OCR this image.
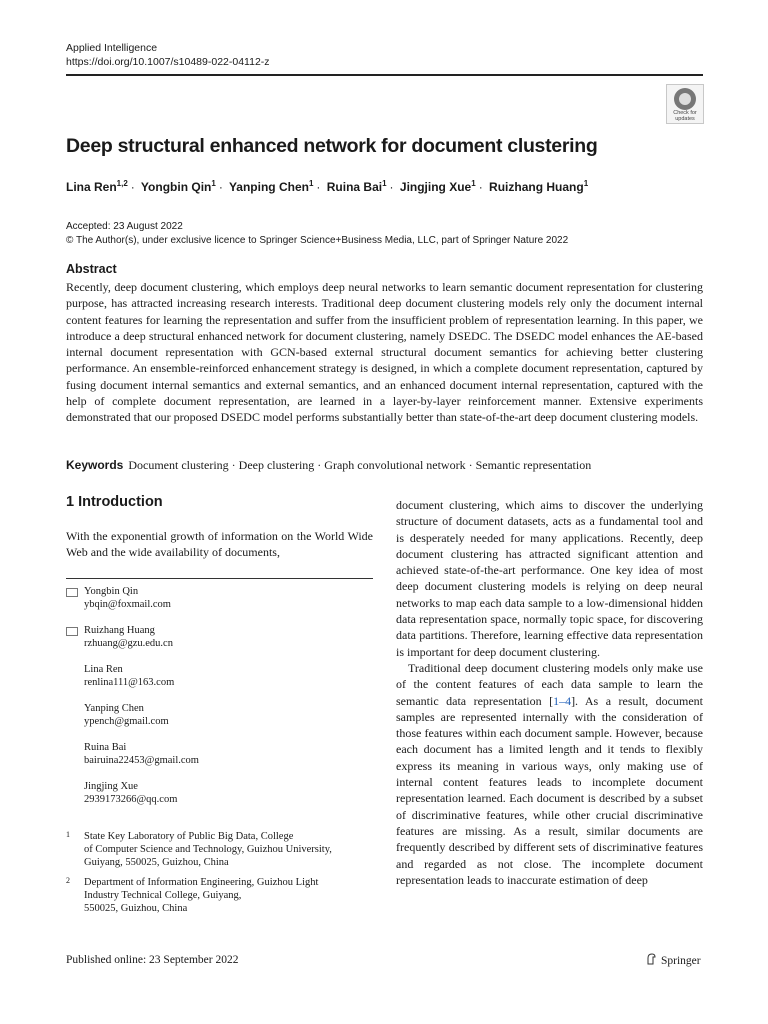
Applied Intelligence
https://doi.org/10.1007/s10489-022-04112-z
Check for
updates
Deep structural enhanced network for document clustering
Lina Ren$^{1,2}$ · Yongbin Qin$^1$ · Yanping Chen$^1$ · Ruina Bai$^1$ · Jingjing Xue$^1$ · Ruizhang Huang$^1$
Accepted: 23 August 2022
© The Author(s), under exclusive licence to Springer Science+Business Media, LLC, part of Springer Nature 2022
Abstract
Recently, deep document clustering, which employs deep neural networks to learn semantic document representation for clustering purpose, has attracted increasing research interests. Traditional deep document clustering models rely only the document internal content features for learning the representation and suffer from the insufficient problem of representation learning. In this paper, we introduce a deep structural enhanced network for document clustering, namely DSEDC. The DSEDC model enhances the AE-based internal document representation with GCN-based external structural document semantics for achieving better clustering performance. An ensemble-reinforced enhancement strategy is designed, in which a complete document representation, captured by fusing document internal semantics and external semantics, and an enhanced document internal representation, captured with the help of complete document representation, are learned in a layer-by-layer reinforcement manner. Extensive experiments demonstrated that our proposed DSEDC model performs substantially better than state-of-the-art deep document clustering models.
Keywords Document clustering · Deep clustering · Graph convolutional network · Semantic representation
1 Introduction
With the exponential growth of information on the World Wide Web and the wide availability of documents,
Yongbin Qin
ybqin@foxmail.com
Ruizhang Huang
rzhuang@gzu.edu.cn
Lina Ren
renlina111@163.com
Yanping Chen
ypench@gmail.com
Ruina Bai
bairuina22453@gmail.com
Jingjing Xue
2939173266@qq.com
1	State Key Laboratory of Public Big Data, College
of Computer Science and Technology, Guizhou University,
Guiyang, 550025, Guizhou, China
2	Department of Information Engineering, Guizhou Light
Industry Technical College, Guiyang,
550025, Guizhou, China

document clustering, which aims to discover the underlying structure of document datasets, acts as a fundamental tool and is desperately needed for many applications. Recently, deep document clustering has attracted significant attention and achieved state-of-the-art performance. One key idea of most deep document clustering models is relying on deep neural networks to map each data sample to a low-dimensional hidden data representation space, normally topic space, for discovering data partitions. Therefore, learning effective data representation is important for deep document clustering.

Traditional deep document clustering models only make use of the content features of each data sample to learn the semantic data representation [1–4]. As a result, document samples are represented internally with the consideration of those features within each document sample. However, because each document has a limited length and it tends to flexibly express its meaning in various ways, only making use of internal content features leads to incomplete document representation learned. Each document is described by a subset of discriminative features, while other crucial discriminative features are missing. As a result, similar documents are frequently described by different sets of discriminative features and regarded as not close. The incomplete document representation leads to inaccurate estimation of deep

Published online: 23 September 2022	Springer
